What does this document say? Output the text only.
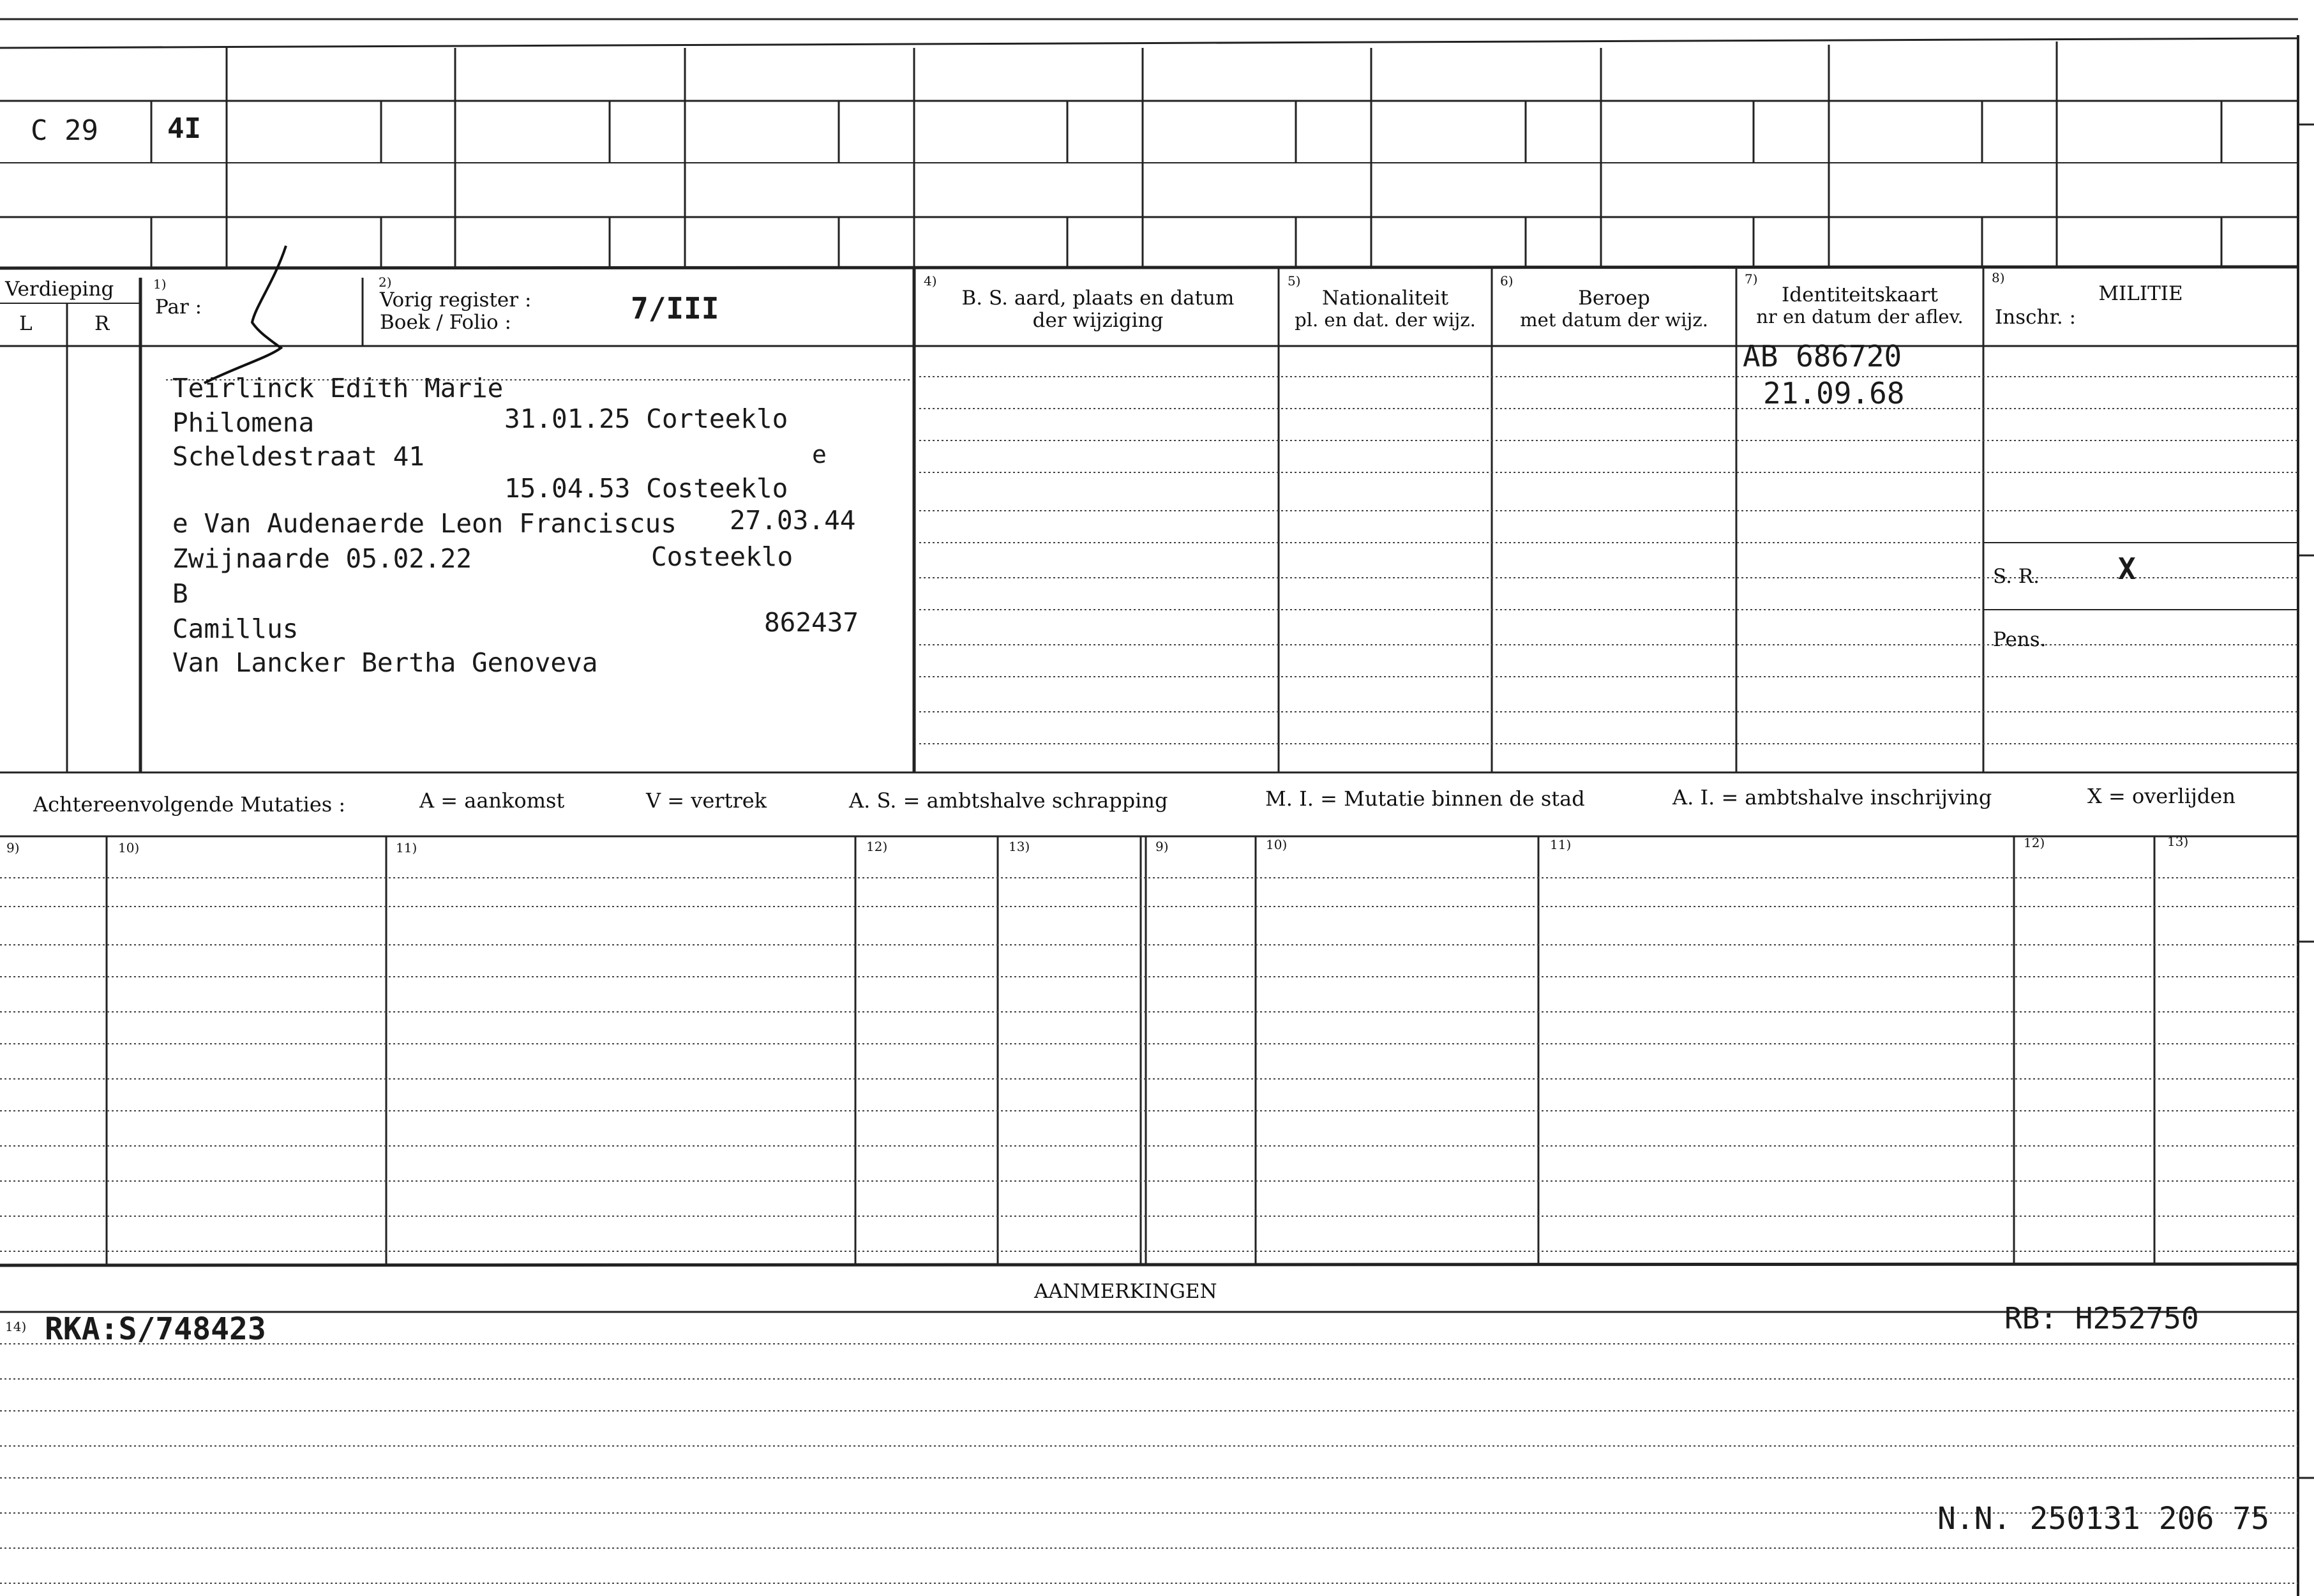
C 29 4I
Verdieping
L	R
1)
Par :
2)
Vorig register :
Boek / Folio :	7/III
4)
B. S. aard, plaats en datum
der wijziging
5)
Nationaliteit
pl. en dat. der wijz.
6)
Beroep
met datum der wijz.
7)
Identiteitskaart
nr en datum der aflev.
8)
MILITIE
Inschr. :
Teirlinck Edith Marie
Philomena	31.01.25 Corteeklo
Scheldestraat 41	e
15.04.53 Costeeklo
e Van Audenaerde Leon Franciscus 27.03.44
Zwijnaarde 05.02.22	Costeeklo
B
Camillus	862437
Van Lancker Bertha Genoveva
AB 686720
21.09.68
S. R.	X
Pens.
Achtereenvolgende Mutaties :	A = aankomst	V = vertrek	A. S. = ambtshalve schrapping	M. I. = Mutatie binnen de stad	A. I. = ambtshalve inschrijving	X = overlijden
9)	10)	11)	12)	13)	9)	10)	11)	12)	13)
AANMERKINGEN
14) RKA:S/748423	RB: H252750
N.N. 250131 206 75
